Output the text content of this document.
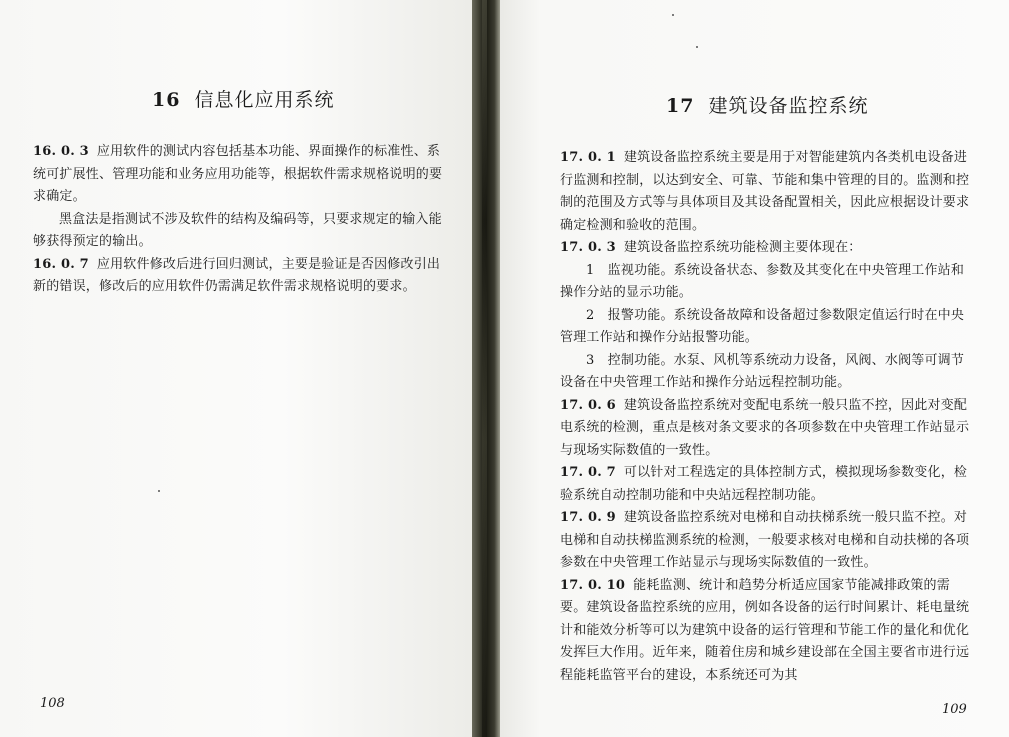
16 信息化应用系统

16. 0. 3 应用软件的测试内容包括基本功能、界面操作的标准性、系统可扩展性、管理功能和业务应用功能等，根据软件需求规格说明的要求确定。

黑盒法是指测试不涉及软件的结构及编码等，只要求规定的输入能够获得预定的输出。

16. 0. 7 应用软件修改后进行回归测试，主要是验证是否因修改引出新的错误，修改后的应用软件仍需满足软件需求规格说明的要求。

108
17 建筑设备监控系统

17. 0. 1 建筑设备监控系统主要是用于对智能建筑内各类机电设备进行监测和控制，以达到安全、可靠、节能和集中管理的目的。监测和控制的范围及方式等与具体项目及其设备配置相关，因此应根据设计要求确定检测和验收的范围。

17. 0. 3 建筑设备监控系统功能检测主要体现在：

1　监视功能。系统设备状态、参数及其变化在中央管理工作站和操作分站的显示功能。

2　报警功能。系统设备故障和设备超过参数限定值运行时在中央管理工作站和操作分站报警功能。

3　控制功能。水泵、风机等系统动力设备，风阀、水阀等可调节设备在中央管理工作站和操作分站远程控制功能。

17. 0. 6 建筑设备监控系统对变配电系统一般只监不控，因此对变配电系统的检测，重点是核对条文要求的各项参数在中央管理工作站显示与现场实际数值的一致性。

17. 0. 7 可以针对工程选定的具体控制方式，模拟现场参数变化，检验系统自动控制功能和中央站远程控制功能。

17. 0. 9 建筑设备监控系统对电梯和自动扶梯系统一般只监不控。对电梯和自动扶梯监测系统的检测，一般要求核对电梯和自动扶梯的各项参数在中央管理工作站显示与现场实际数值的一致性。

17. 0. 10 能耗监测、统计和趋势分析适应国家节能减排政策的需要。建筑设备监控系统的应用，例如各设备的运行时间累计、耗电量统计和能效分析等可以为建筑中设备的运行管理和节能工作的量化和优化发挥巨大作用。近年来，随着住房和城乡建设部在全国主要省市进行远程能耗监管平台的建设，本系统还可为其

109
